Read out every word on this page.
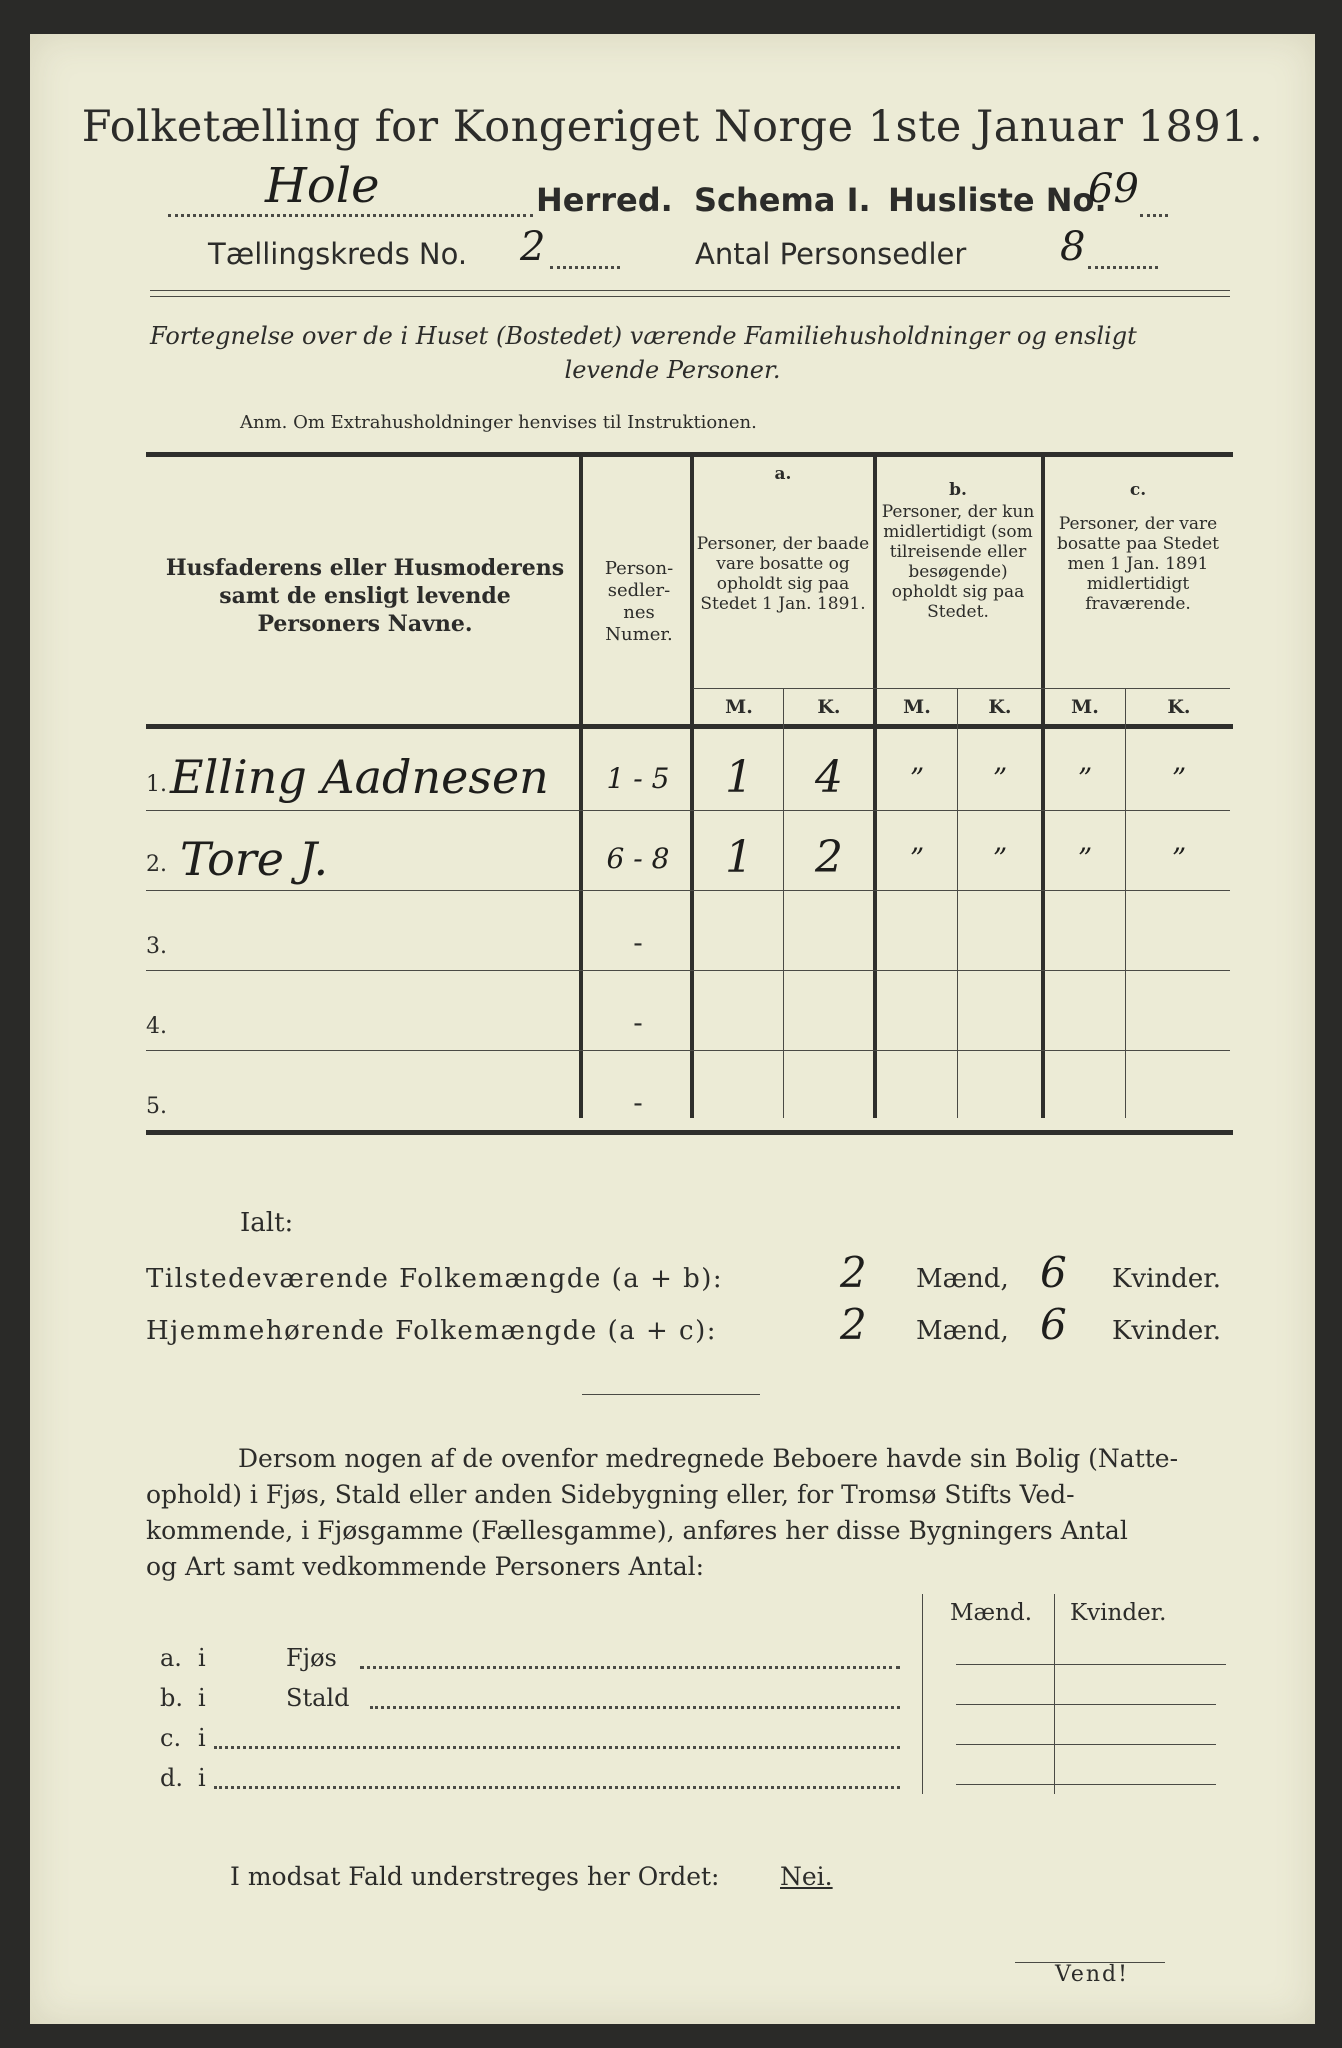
Folketælling for Kongeriget Norge 1ste Januar 1891.
Hole	Herred. Schema I. Husliste No.
69
Tællingskreds No. 2	Antal Personsedler 8
Fortegnelse over de i Huset (Bostedet) værende Familiehusholdninger og ensligt
levende Personer.
Anm. Om Extrahusholdninger henvises til Instruktionen.
Husfaderens eller Husmoderens samt de ensligt levende Personers Navne.
Person-sedler-nes Numer.
a.
Personer, der baade vare bosatte og opholdt sig paa Stedet 1 Jan. 1891.
b.
Personer, der kun midlertidigt (som tilreisende eller besøgende) opholdt sig paa Stedet.
c.
Personer, der vare bosatte paa Stedet men 1 Jan. 1891 midlertidigt fraværende.
M.	K.	M.	K.	M.	K.
1. Elling Aadnesen	1 - 5	1	4	”	”	”	”
2. Tore J.	6 - 8	1	2	”	”	”	”
3.	-
4.	-
5.	-
Ialt:
Tilstedeværende Folkemængde (a + b):	2 Mænd, 6 Kvinder.
Hjemmehørende Folkemængde (a + c):	2 Mænd, 6 Kvinder.
Dersom nogen af de ovenfor medregnede Beboere havde sin Bolig (Natte-
ophold) i Fjøs, Stald eller anden Sidebygning eller, for Tromsø Stifts Ved-
kommende, i Fjøsgamme (Fællesgamme), anføres her disse Bygningers Antal
og Art samt vedkommende Personers Antal:
Mænd. Kvinder.
a. i	Fjøs
b. i	Stald
c. i
d. i
I modsat Fald understreges her Ordet: Nei.
Vend!
